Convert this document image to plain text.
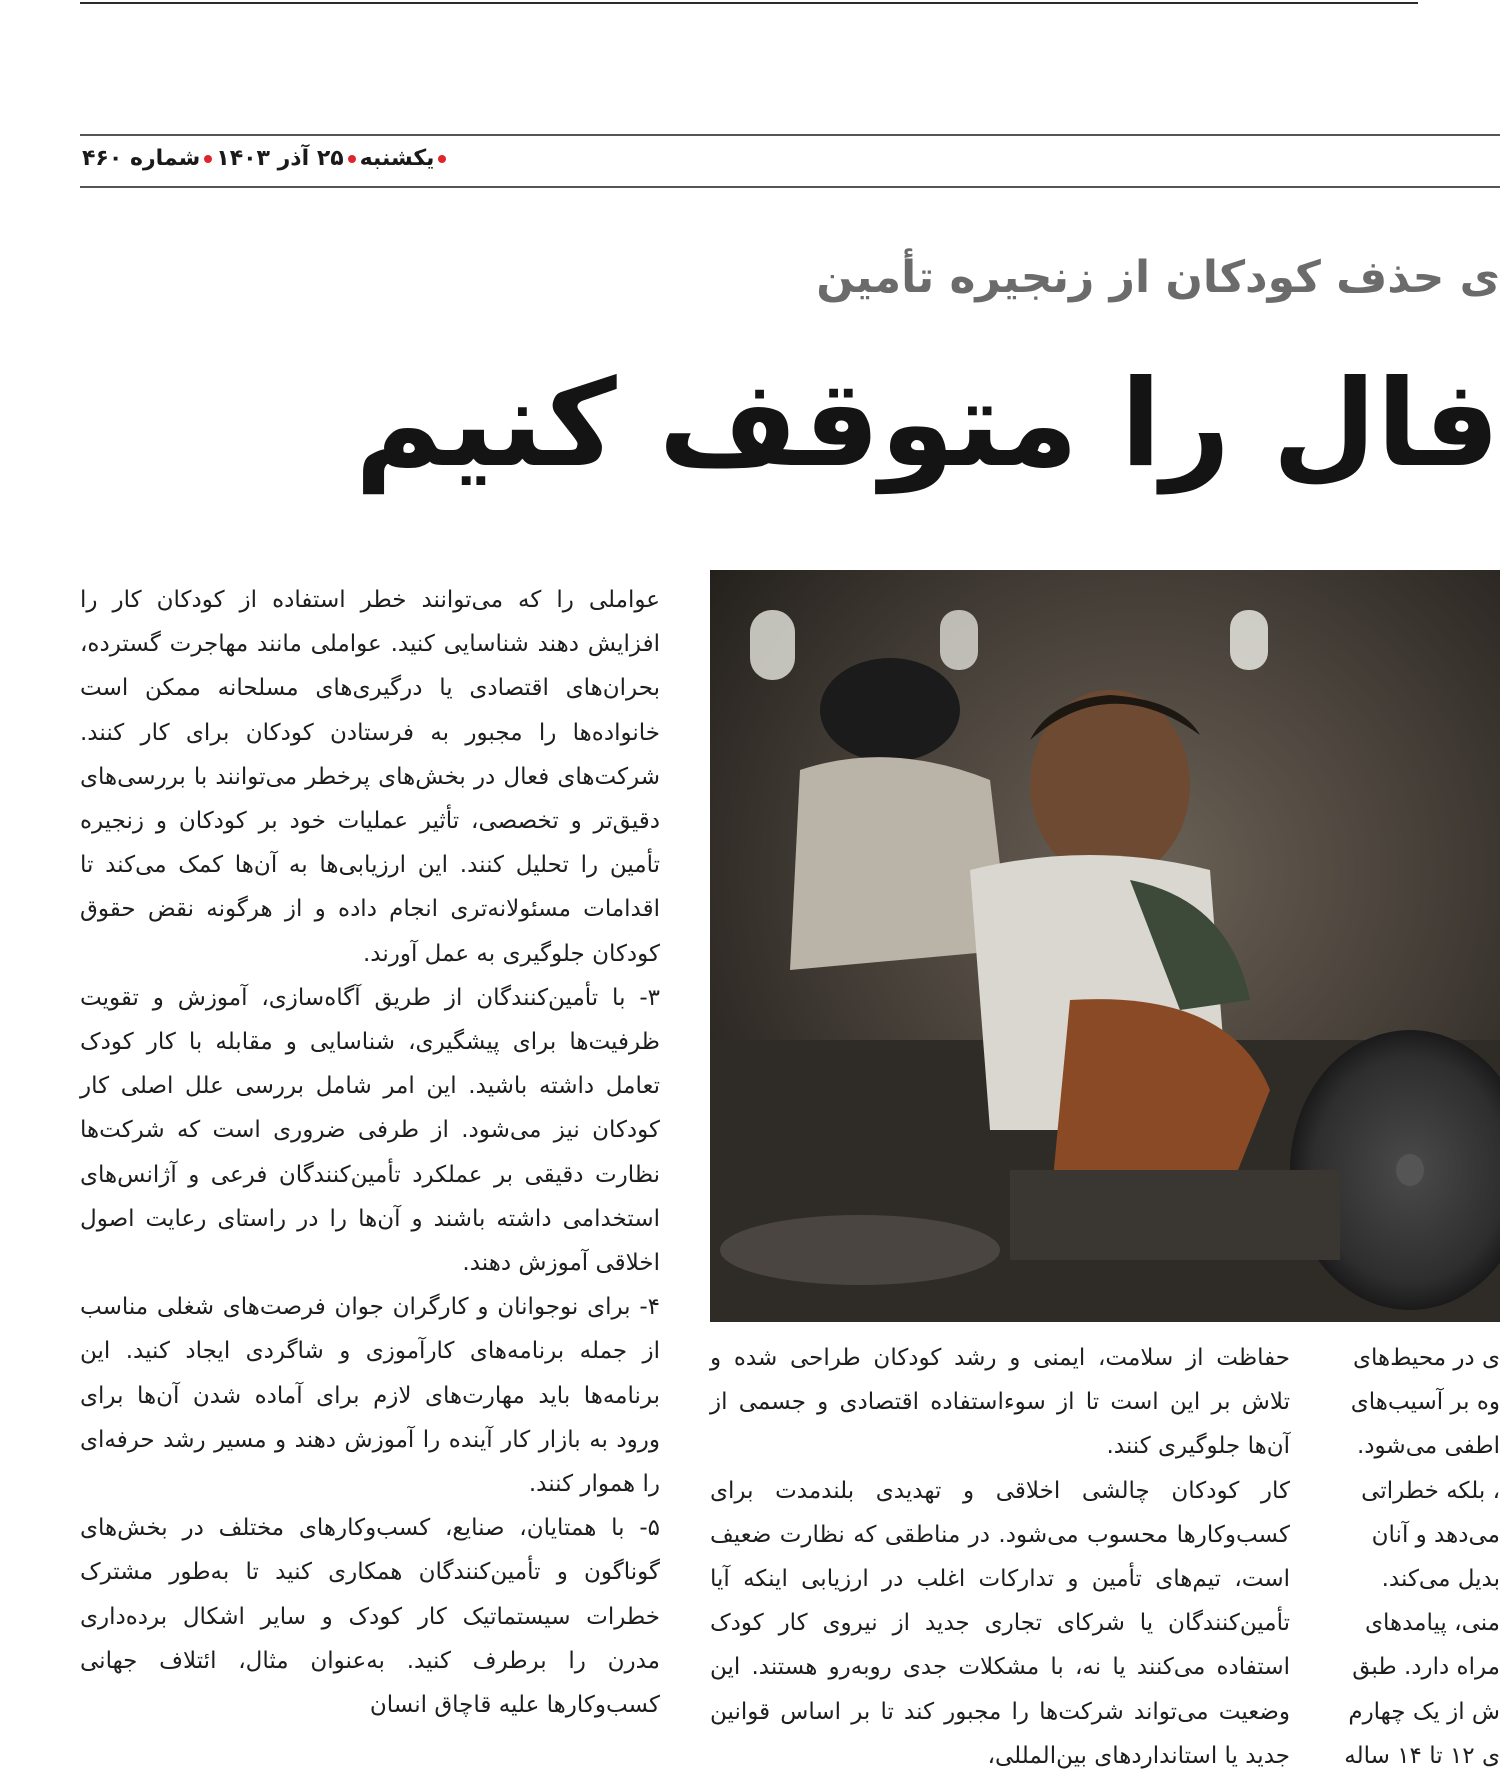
یکشنبه۲۵ آذر ۱۴۰۳شماره ۴۶۰
ی حذف کودکان از زنجیره تأمین
فال را متوقف کنیم

عواملی را که می‌توانند خطر استفاده از کودکان کار را افزایش دهند شناسایی کنید. عواملی مانند مهاجرت گسترده، بحران‌های اقتصادی یا درگیری‌های مسلحانه ممکن است خانواده‌ها را مجبور به فرستادن کودکان برای کار کنند. شرکت‌های فعال در بخش‌های پرخطر می‌توانند با بررسی‌های دقیق‌تر و تخصصی، تأثیر عملیات خود بر کودکان و زنجیره تأمین را تحلیل کنند. این ارزیابی‌ها به آن‌ها کمک می‌کند تا اقدامات مسئولانه‌تری انجام داده و از هرگونه نقض حقوق کودکان جلوگیری به عمل آورند.

۳- با تأمین‌کنندگان از طریق آگاه‌سازی، آموزش و تقویت ظرفیت‌ها برای پیشگیری، شناسایی و مقابله با کار کودک تعامل داشته باشید. این امر شامل بررسی علل اصلی کار کودکان نیز می‌شود. از طرفی ضروری است که شرکت‌ها نظارت دقیقی بر عملکرد تأمین‌کنندگان فرعی و آژانس‌های استخدامی داشته باشند و آن‌ها را در راستای رعایت اصول اخلاقی آموزش دهند.

۴- برای نوجوانان و کارگران جوان فرصت‌های شغلی مناسب از جمله برنامه‌های کارآموزی و شاگردی ایجاد کنید. این برنامه‌ها باید مهارت‌های لازم برای آماده شدن آن‌ها برای ورود به بازار کار آینده را آموزش دهند و مسیر رشد حرفه‌ای را هموار کنند.

۵- با همتایان، صنایع، کسب‌وکارهای مختلف در بخش‌های گوناگون و تأمین‌کنندگان همکاری کنید تا به‌طور مشترک خطرات سیستماتیک کار کودک و سایر اشکال برده‌داری مدرن را برطرف کنید. به‌عنوان مثال، ائتلاف جهانی کسب‌وکارها علیه قاچاق انسان

حفاظت از سلامت، ایمنی و رشد کودکان طراحی شده و تلاش بر این است تا از سوءاستفاده اقتصادی و جسمی از آن‌ها جلوگیری کنند.

کار کودکان چالشی اخلاقی و تهدیدی بلندمدت برای کسب‌وکارها محسوب می‌شود. در مناطقی که نظارت ضعیف است، تیم‌های تأمین و تدارکات اغلب در ارزیابی اینکه آیا تأمین‌کنندگان یا شرکای تجاری جدید از نیروی کار کودک استفاده می‌کنند یا نه، با مشکلات جدی روبه‌رو هستند. این وضعیت می‌تواند شرکت‌ها را مجبور کند تا بر اساس قوانین جدید یا استانداردهای بین‌المللی،

ی در محیط‌های
وه بر آسیب‌های
اطفی می‌شود.
، بلکه خطراتی
می‌دهد و آنان
بدیل می‌کند.
منی، پیامدهای
مراه دارد. طبق
ش از یک چهارم
ی ۱۲ تا ۱۴ ساله
